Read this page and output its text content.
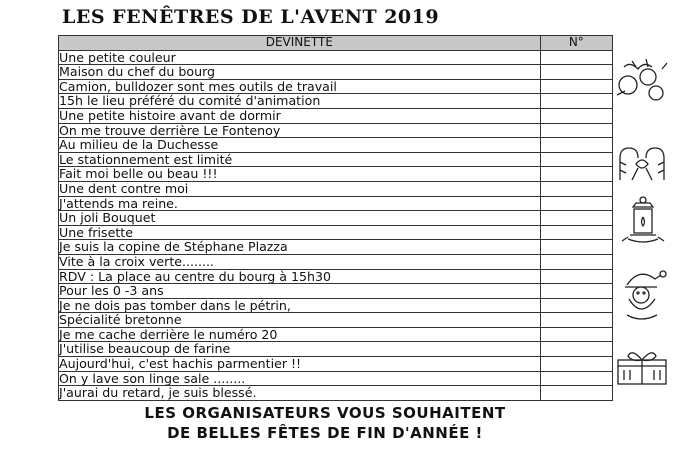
LES FENÊTRES DE L'AVENT 2019
DEVINETTE	N°
Une petite couleur	
Maison du chef du bourg	
Camion, bulldozer sont mes outils de travail	
15h le lieu préféré du comité d'animation	
Une petite histoire avant de dormir	
On me trouve derrière Le Fontenoy	
Au milieu de la Duchesse	
Le stationnement est limité	
Fait moi belle ou beau !!!	
Une dent contre moi	
J'attends ma reine.	
Un joli Bouquet	
Une frisette	
Je suis la copine de Stéphane Plazza	
Vite à la croix verte........	
RDV : La place au centre du bourg à 15h30	
Pour les 0 -3 ans	
Je ne dois pas tomber dans le pétrin,	
Spécialité bretonne	
Je me cache derrière le numéro 20	
J'utilise beaucoup de farine	
Aujourd'hui, c'est hachis parmentier !!	
On y lave son linge sale ........	
J'aurai du retard, je suis blessé.	
LES ORGANISATEURS VOUS SOUHAITENT
DE BELLES FÊTES DE FIN D'ANNÉE !
